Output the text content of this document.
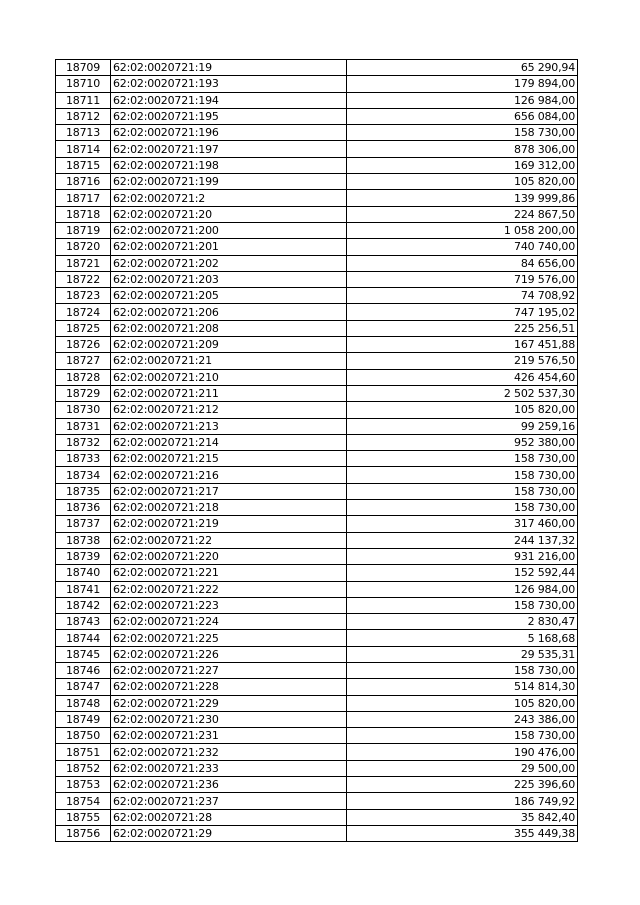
18709	62:02:0020721:19	65 290,94
18710	62:02:0020721:193	179 894,00
18711	62:02:0020721:194	126 984,00
18712	62:02:0020721:195	656 084,00
18713	62:02:0020721:196	158 730,00
18714	62:02:0020721:197	878 306,00
18715	62:02:0020721:198	169 312,00
18716	62:02:0020721:199	105 820,00
18717	62:02:0020721:2	139 999,86
18718	62:02:0020721:20	224 867,50
18719	62:02:0020721:200	1 058 200,00
18720	62:02:0020721:201	740 740,00
18721	62:02:0020721:202	84 656,00
18722	62:02:0020721:203	719 576,00
18723	62:02:0020721:205	74 708,92
18724	62:02:0020721:206	747 195,02
18725	62:02:0020721:208	225 256,51
18726	62:02:0020721:209	167 451,88
18727	62:02:0020721:21	219 576,50
18728	62:02:0020721:210	426 454,60
18729	62:02:0020721:211	2 502 537,30
18730	62:02:0020721:212	105 820,00
18731	62:02:0020721:213	99 259,16
18732	62:02:0020721:214	952 380,00
18733	62:02:0020721:215	158 730,00
18734	62:02:0020721:216	158 730,00
18735	62:02:0020721:217	158 730,00
18736	62:02:0020721:218	158 730,00
18737	62:02:0020721:219	317 460,00
18738	62:02:0020721:22	244 137,32
18739	62:02:0020721:220	931 216,00
18740	62:02:0020721:221	152 592,44
18741	62:02:0020721:222	126 984,00
18742	62:02:0020721:223	158 730,00
18743	62:02:0020721:224	2 830,47
18744	62:02:0020721:225	5 168,68
18745	62:02:0020721:226	29 535,31
18746	62:02:0020721:227	158 730,00
18747	62:02:0020721:228	514 814,30
18748	62:02:0020721:229	105 820,00
18749	62:02:0020721:230	243 386,00
18750	62:02:0020721:231	158 730,00
18751	62:02:0020721:232	190 476,00
18752	62:02:0020721:233	29 500,00
18753	62:02:0020721:236	225 396,60
18754	62:02:0020721:237	186 749,92
18755	62:02:0020721:28	35 842,40
18756	62:02:0020721:29	355 449,38
